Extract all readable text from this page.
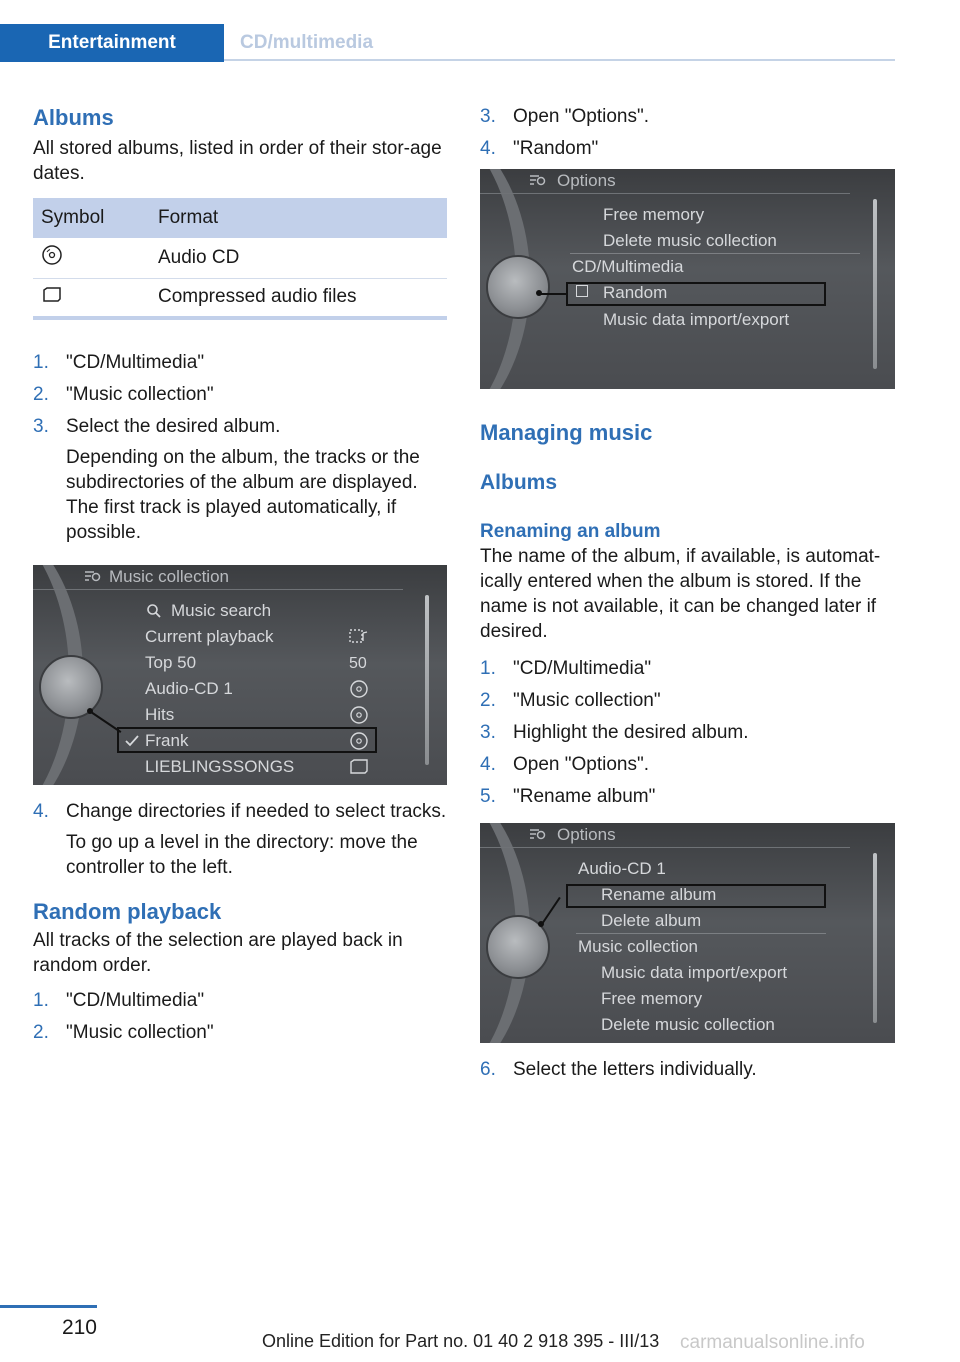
Entertainment	CD/multimedia
Albums
All stored albums, listed in order of their stor-age dates.
Symbol	Format
	Audio CD
	Compressed audio files
1. "CD/Multimedia"
2. "Music collection"
3. Select the desired album.
Depending on the album, the tracks or the subdirectories of the album are displayed. The first track is played automatically, if possible.
Music collection
Music search
Current playback
Top 50
Audio-CD 1
Hits
Frank
LIEBLINGSSONGS
50
4. Change directories if needed to select tracks.
To go up a level in the directory: move the controller to the left.
Random playback
All tracks of the selection are played back in random order.
1. "CD/Multimedia"
2. "Music collection"
3. Open "Options".
4. "Random"
Options
Free memory
Delete music collection
CD/Multimedia
Random
Music data import/export
Managing music
Albums
Renaming an album
The name of the album, if available, is automat-ically entered when the album is stored. If the name is not available, it can be changed later if desired.
1. "CD/Multimedia"
2. "Music collection"
3. Highlight the desired album.
4. Open "Options".
5. "Rename album"
Options
Audio-CD 1
Rename album
Delete album
Music collection
Music data import/export
Free memory
Delete music collection
6. Select the letters individually.
210
Online Edition for Part no. 01 40 2 918 395 - III/13 carmanualsonline.info
